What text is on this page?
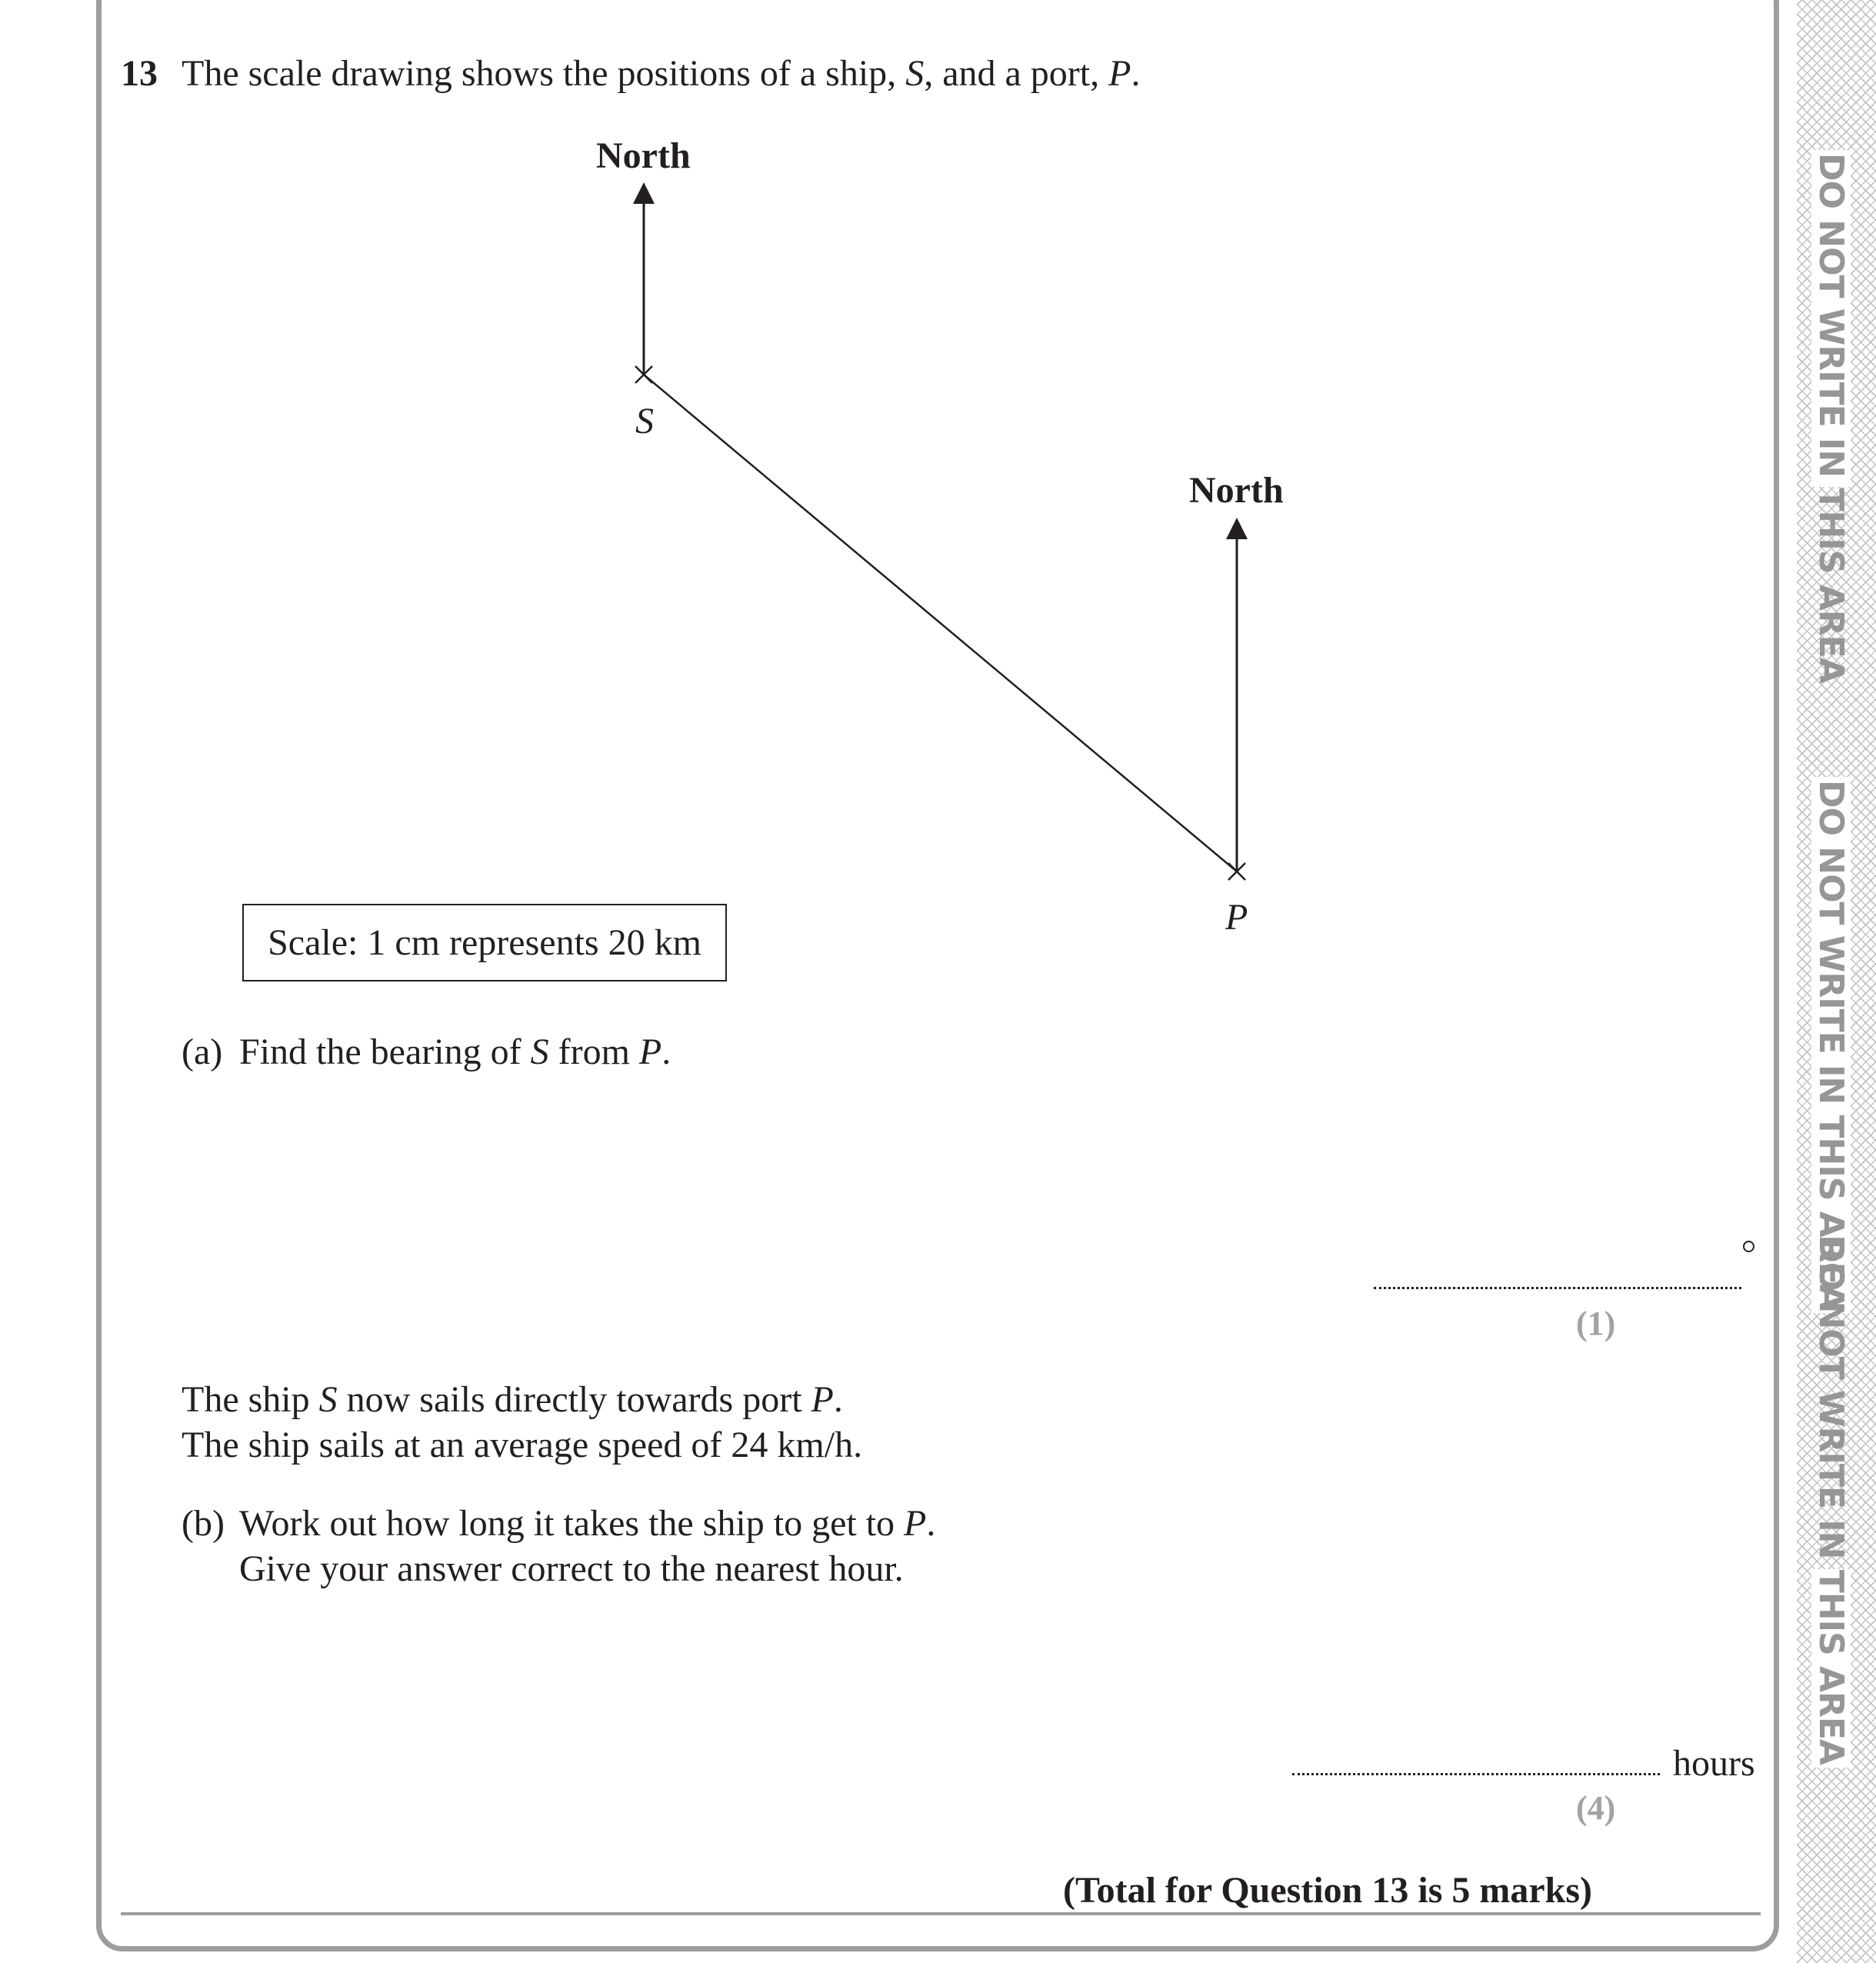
DO NOT WRITE IN THIS AREA
DO NOT WRITE IN THIS AREA
13 The scale drawing shows the positions of a ship, S, and a port, P.
North
North
S
P
Scale: 1 cm represents 20 km
(a) Find the bearing of S from P.
(1)
The ship S now sails directly towards port P.
The ship sails at an average speed of 24 km/h.
(b) Work out how long it takes the ship to get to P.
Give your answer correct to the nearest hour.
hours
(4)
(Total for Question 13 is 5 marks)
